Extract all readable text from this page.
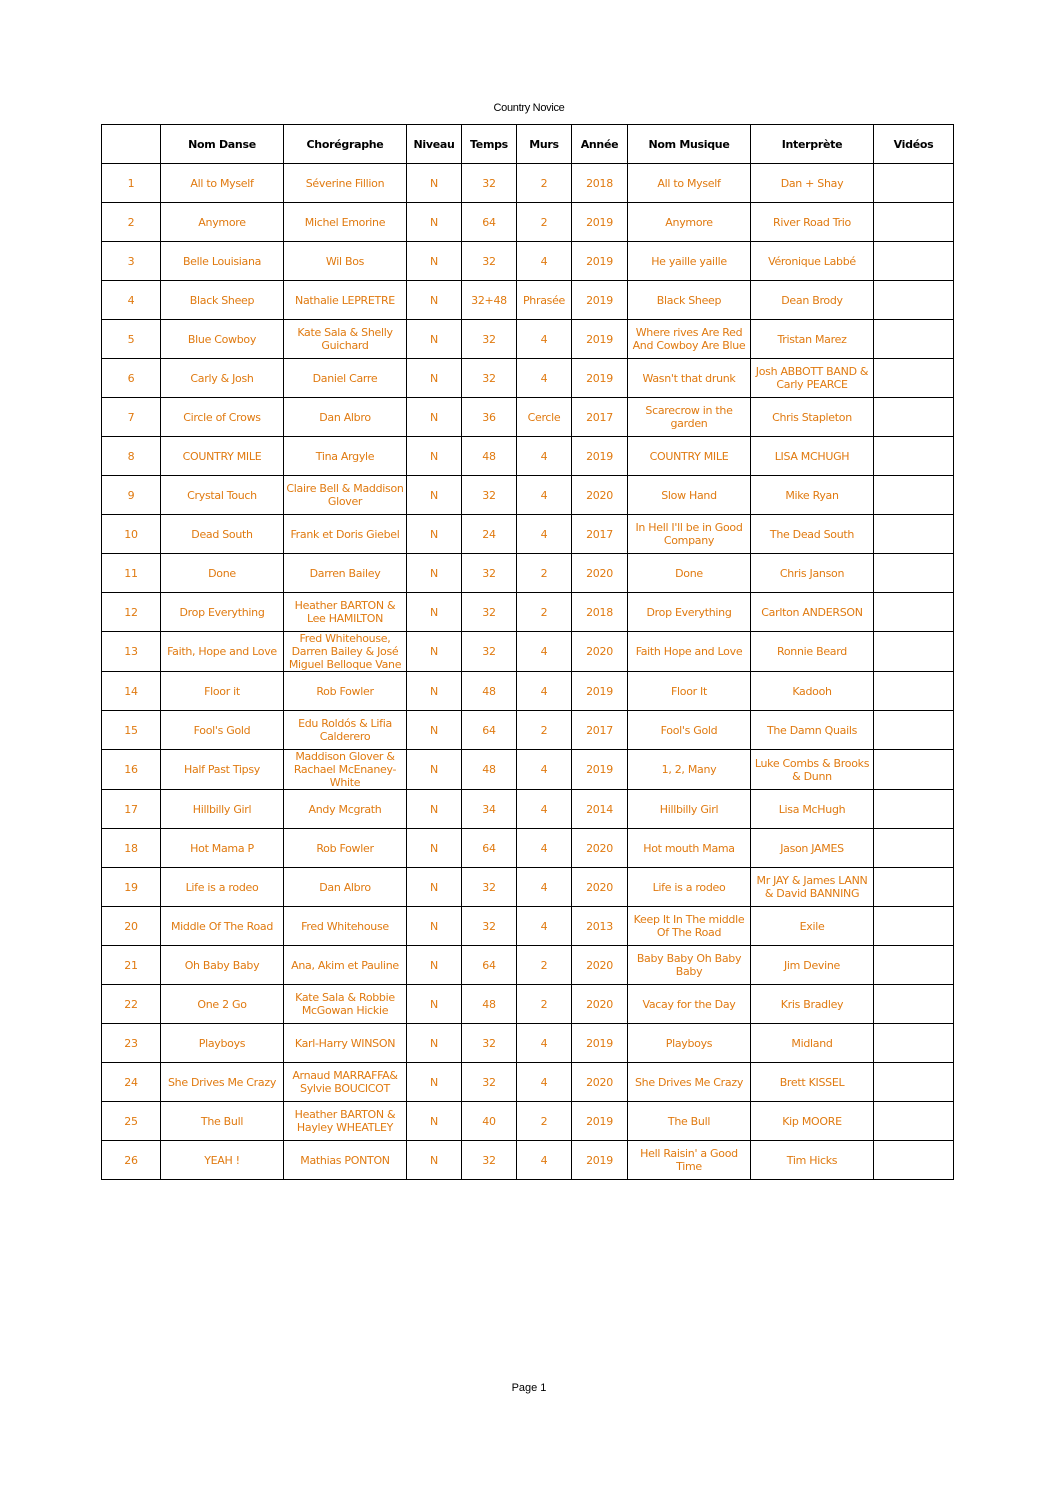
Country Novice
	Nom Danse	Chorégraphe	Niveau	Temps	Murs	Année	Nom Musique	Interprète	Vidéos
1	All to Myself	Séverine Fillion	N	32	2	2018	All to Myself	Dan + Shay	
2	Anymore	Michel Emorine	N	64	2	2019	Anymore	River Road Trio	
3	Belle Louisiana	Wil Bos	N	32	4	2019	He yaille yaille	Véronique Labbé	
4	Black Sheep	Nathalie LEPRETRE	N	32+48	Phrasée	2019	Black Sheep	Dean Brody	
5	Blue Cowboy	Kate Sala & Shelly Guichard	N	32	4	2019	Where rives Are Red And Cowboy Are Blue	Tristan Marez	
6	Carly & Josh	Daniel Carre	N	32	4	2019	Wasn't that drunk	Josh ABBOTT BAND & Carly PEARCE	
7	Circle of Crows	Dan Albro	N	36	Cercle	2017	Scarecrow in the garden	Chris Stapleton	
8	COUNTRY MILE	Tina Argyle	N	48	4	2019	COUNTRY MILE	LISA MCHUGH	
9	Crystal Touch	Claire Bell & Maddison Glover	N	32	4	2020	Slow Hand	Mike Ryan	
10	Dead South	Frank et Doris Giebel	N	24	4	2017	In Hell I'll be in Good Company	The Dead South	
11	Done	Darren Bailey	N	32	2	2020	Done	Chris Janson	
12	Drop Everything	Heather BARTON & Lee HAMILTON	N	32	2	2018	Drop Everything	Carlton ANDERSON	
13	Faith, Hope and Love	Fred Whitehouse, Darren Bailey & José Miguel Belloque Vane	N	32	4	2020	Faith Hope and Love	Ronnie Beard	
14	Floor it	Rob Fowler	N	48	4	2019	Floor It	Kadooh	
15	Fool's Gold	Edu Roldós & Lifia Calderero	N	64	2	2017	Fool's Gold	The Damn Quails	
16	Half Past Tipsy	Maddison Glover & Rachael McEnaney-White	N	48	4	2019	1, 2, Many	Luke Combs & Brooks & Dunn	
17	Hillbilly Girl	Andy Mcgrath	N	34	4	2014	Hillbilly Girl	Lisa McHugh	
18	Hot Mama P	Rob Fowler	N	64	4	2020	Hot mouth Mama	Jason JAMES	
19	Life is a rodeo	Dan Albro	N	32	4	2020	Life is a rodeo	Mr JAY & James LANN & David BANNING	
20	Middle Of The Road	Fred Whitehouse	N	32	4	2013	Keep It In The middle Of The Road	Exile	
21	Oh Baby Baby	Ana, Akim et Pauline	N	64	2	2020	Baby Baby Oh Baby Baby	Jim Devine	
22	One 2 Go	Kate Sala & Robbie McGowan Hickie	N	48	2	2020	Vacay for the Day	Kris Bradley	
23	Playboys	Karl-Harry WINSON	N	32	4	2019	Playboys	Midland	
24	She Drives Me Crazy	Arnaud MARRAFFA& Sylvie BOUCICOT	N	32	4	2020	She Drives Me Crazy	Brett KISSEL	
25	The Bull	Heather BARTON & Hayley WHEATLEY	N	40	2	2019	The Bull	Kip MOORE	
26	YEAH !	Mathias PONTON	N	32	4	2019	Hell Raisin' a Good Time	Tim Hicks	
Page 1
